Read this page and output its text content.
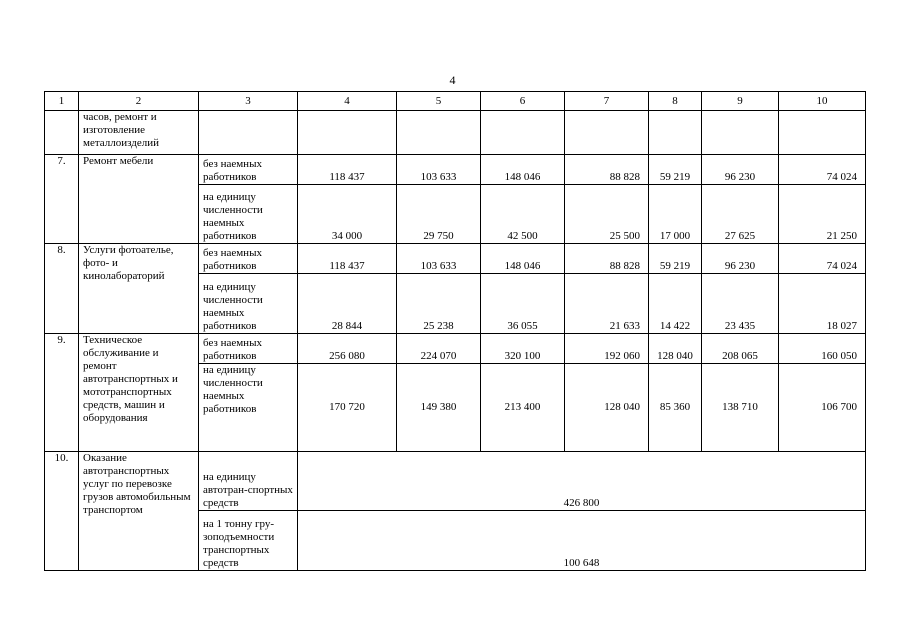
4
1	2	3	4	5	6	7	8	9	10
	часов, ремонт и изготовление металлоизделий								
7.	Ремонт мебели	без наемных работников	118 437	103 633	148 046	88 828	59 219	96 230	74 024
		на единицу численности наемных работников	34 000	29 750	42 500	25 500	17 000	27 625	21 250
8.	Услуги фотоателье, фото- и кинолабораторий	без наемных работников	118 437	103 633	148 046	88 828	59 219	96 230	74 024
		на единицу численности наемных работников	28 844	25 238	36 055	21 633	14 422	23 435	18 027
9.	Техническое обслуживание и ремонт автотранспортных и мототранспортных средств, машин и оборудования	без наемных работников	256 080	224 070	320 100	192 060	128 040	208 065	160 050
		на единицу численности наемных работников	170 720	149 380	213 400	128 040	85 360	138 710	106 700
10.	Оказание автотранспортных услуг по перевозке грузов автомобильным транспортом	на единицу автотран-спортных средств	426 800						
		на 1 тонну гру-зоподъемности транспортных средств	100 648						
